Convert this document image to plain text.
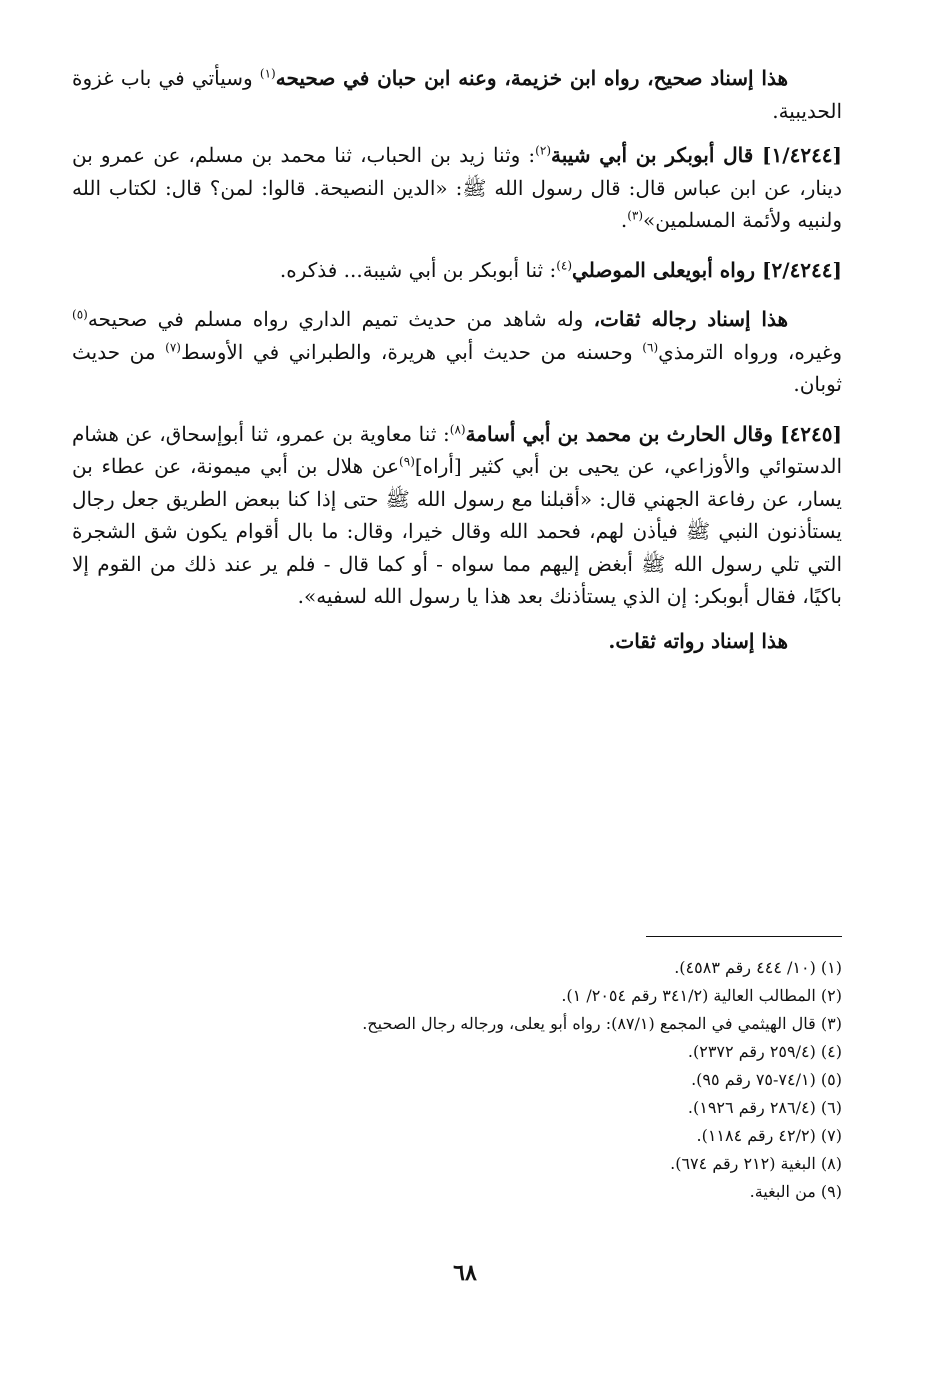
هذا إسناد صحيح، رواه ابن خزيمة، وعنه ابن حبان في صحيحه$^{(١)}$ وسيأتي في باب غزوة الحديبية.

[١/٤٢٤٤] قال أبوبكر بن أبي شيبة$^{(٢)}$: وثنا زيد بن الحباب، ثنا محمد بن مسلم، عن عمرو بن دينار، عن ابن عباس قال: قال رسول الله ﷺ: «الدين النصيحة. قالوا: لمن؟ قال: لكتاب الله ولنبيه ولأئمة المسلمين»$^{(٣)}$.

[٢/٤٢٤٤] رواه أبويعلى الموصلي$^{(٤)}$: ثنا أبوبكر بن أبي شيبة... فذكره.

هذا إسناد رجاله ثقات، وله شاهد من حديث تميم الداري رواه مسلم في صحيحه$^{(٥)}$ وغيره، ورواه الترمذي$^{(٦)}$ وحسنه من حديث أبي هريرة، والطبراني في الأوسط$^{(٧)}$ من حديث ثوبان.

[٤٢٤٥] وقال الحارث بن محمد بن أبي أسامة$^{(٨)}$: ثنا معاوية بن عمرو، ثنا أبوإسحاق، عن هشام الدستوائي والأوزاعي، عن يحيى بن أبي كثير [أراه]$^{(٩)}$عن هلال بن أبي ميمونة، عن عطاء بن يسار، عن رفاعة الجهني قال: «أقبلنا مع رسول الله ﷺ حتى إذا كنا ببعض الطريق جعل رجال يستأذنون النبي ﷺ فيأذن لهم، فحمد الله وقال خيرا، وقال: ما بال أقوام يكون شق الشجرة التي تلي رسول الله ﷺ أبغض إليهم مما سواه - أو كما قال - فلم ير عند ذلك من القوم إلا باكيًا، فقال أبوبكر: إن الذي يستأذنك بعد هذا يا رسول الله لسفيه».

هذا إسناد رواته ثقات.

(١) (١٠/ ٤٤٤ رقم ٤٥٨٣).
(٢) المطالب العالية (٣٤١/٢ رقم ٢٠٥٤/ ١).
(٣) قال الهيثمي في المجمع (٨٧/١): رواه أبو يعلى، ورجاله رجال الصحيح.
(٤) (٢٥٩/٤ رقم ٢٣٧٢).
(٥) (٧٤/١-٧٥ رقم ٩٥).
(٦) (٢٨٦/٤ رقم ١٩٢٦).
(٧) (٤٢/٢ رقم ١١٨٤).
(٨) البغية (٢١٢ رقم ٦٧٤).
(٩) من البغية.
٦٨
